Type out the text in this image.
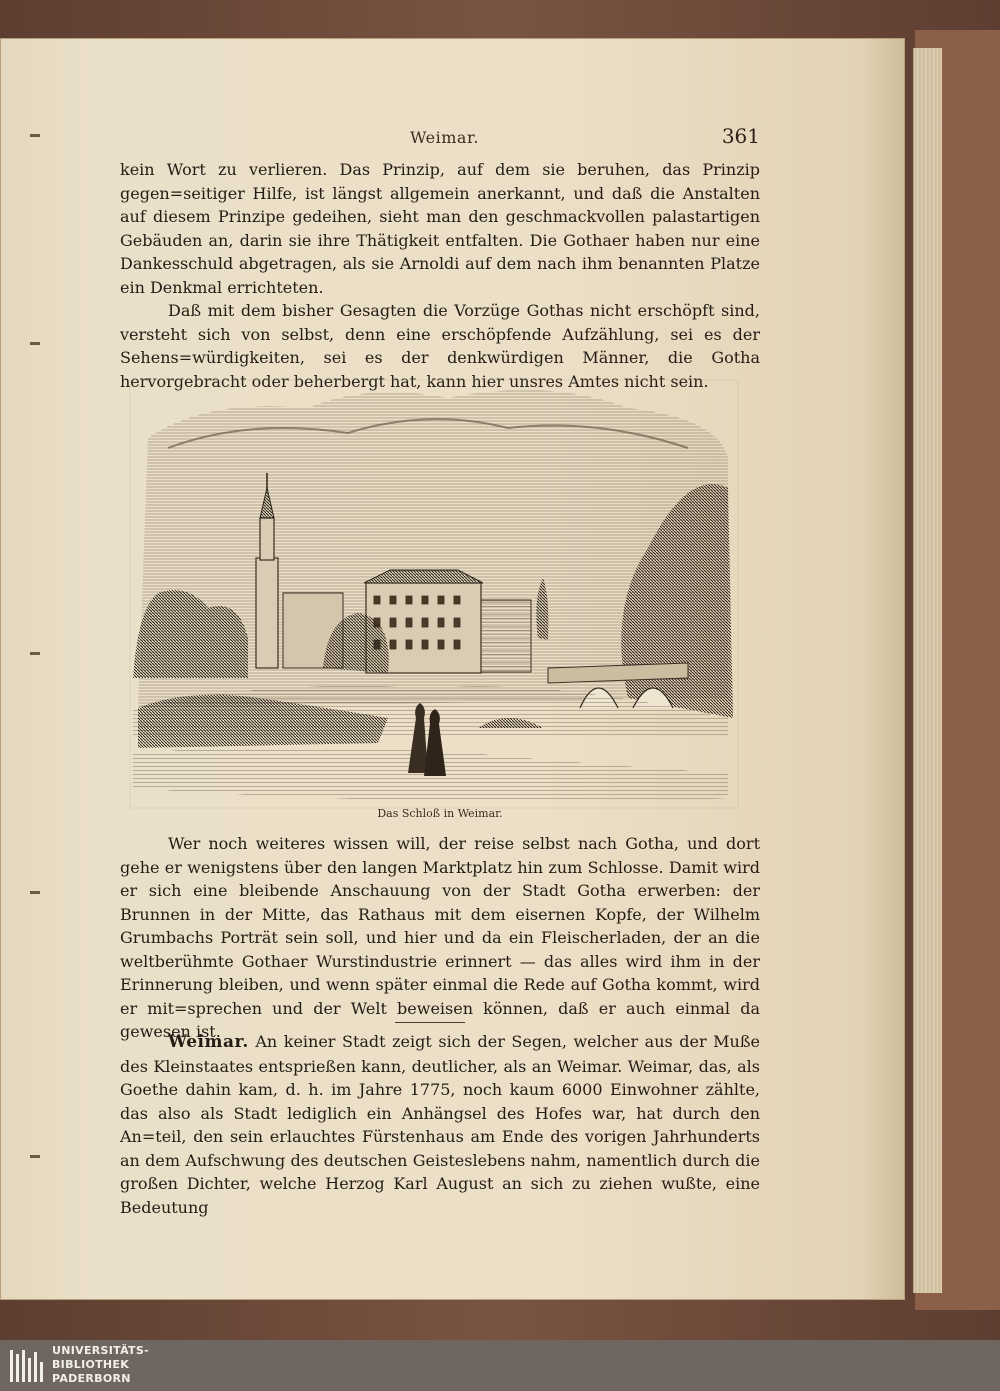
Weimar.	361

kein Wort zu verlieren. Das Prinzip, auf dem sie beruhen, das Prinzip gegen=seitiger Hilfe, ist längst allgemein anerkannt, und daß die Anstalten auf diesem Prinzipe gedeihen, sieht man den geschmackvollen palastartigen Gebäuden an, darin sie ihre Thätigkeit entfalten. Die Gothaer haben nur eine Dankesschuld abgetragen, als sie Arnoldi auf dem nach ihm benannten Platze ein Denkmal errichteten.

Daß mit dem bisher Gesagten die Vorzüge Gothas nicht erschöpft sind, versteht sich von selbst, denn eine erschöpfende Aufzählung, sei es der Sehens=würdigkeiten, sei es der denkwürdigen Männer, die Gotha hervorgebracht oder beherbergt hat, kann hier unsres Amtes nicht sein.

Das Schloß in Weimar.

Wer noch weiteres wissen will, der reise selbst nach Gotha, und dort gehe er wenigstens über den langen Marktplatz hin zum Schlosse. Damit wird er sich eine bleibende Anschauung von der Stadt Gotha erwerben: der Brunnen in der Mitte, das Rathaus mit dem eisernen Kopfe, der Wilhelm Grumbachs Porträt sein soll, und hier und da ein Fleischerladen, der an die weltberühmte Gothaer Wurstindustrie erinnert — das alles wird ihm in der Erinnerung bleiben, und wenn später einmal die Rede auf Gotha kommt, wird er mit=sprechen und der Welt beweisen können, daß er auch einmal da gewesen ist.

Weimar. An keiner Stadt zeigt sich der Segen, welcher aus der Muße des Kleinstaates entsprießen kann, deutlicher, als an Weimar. Weimar, das, als Goethe dahin kam, d. h. im Jahre 1775, noch kaum 6000 Einwohner zählte, das also als Stadt lediglich ein Anhängsel des Hofes war, hat durch den An=teil, den sein erlauchtes Fürstenhaus am Ende des vorigen Jahrhunderts an dem Aufschwung des deutschen Geisteslebens nahm, namentlich durch die großen Dichter, welche Herzog Karl August an sich zu ziehen wußte, eine Bedeutung

UNIVERSITÄTS-
BIBLIOTHEK
PADERBORN
